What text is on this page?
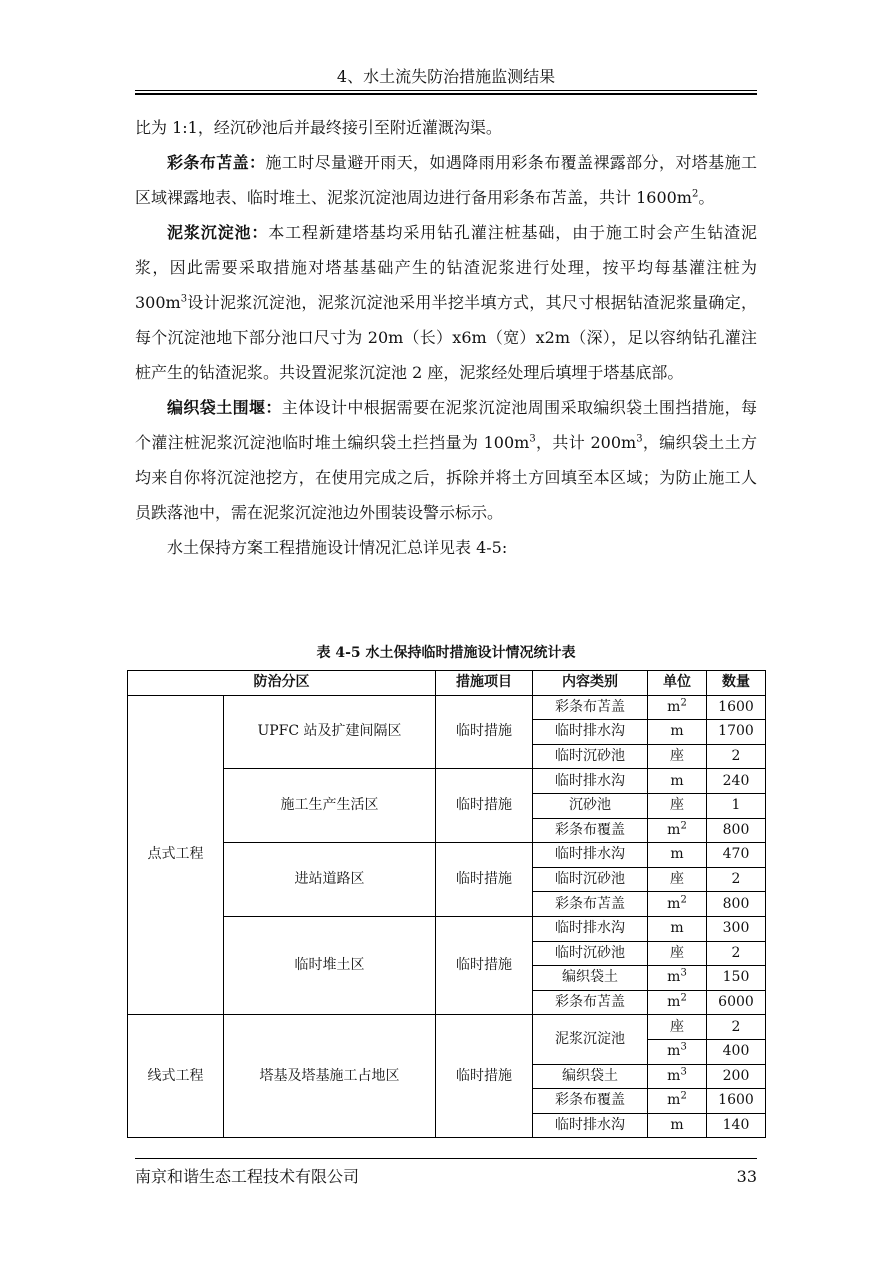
4、水土流失防治措施监测结果

比为 1:1，经沉砂池后并最终接引至附近灌溉沟渠。

彩条布苫盖：施工时尽量避开雨天，如遇降雨用彩条布覆盖裸露部分，对塔基施工区域裸露地表、临时堆土、泥浆沉淀池周边进行备用彩条布苫盖，共计 $1600m^2$。

泥浆沉淀池：本工程新建塔基均采用钻孔灌注桩基础，由于施工时会产生钻渣泥浆，因此需要采取措施对塔基基础产生的钻渣泥浆进行处理，按平均每基灌注桩为 $300m^3$设计泥浆沉淀池，泥浆沉淀池采用半挖半填方式，其尺寸根据钻渣泥浆量确定，每个沉淀池地下部分池口尺寸为 20m（长）x6m（宽）x2m（深），足以容纳钻孔灌注桩产生的钻渣泥浆。共设置泥浆沉淀池 2 座，泥浆经处理后填埋于塔基底部。

编织袋土围堰：主体设计中根据需要在泥浆沉淀池周围采取编织袋土围挡措施，每个灌注桩泥浆沉淀池临时堆土编织袋土拦挡量为 $100m^3$，共计 $200m^3$，编织袋土土方均来自你将沉淀池挖方，在使用完成之后，拆除并将土方回填至本区域；为防止施工人员跌落池中，需在泥浆沉淀池边外围装设警示标示。

水土保持方案工程措施设计情况汇总详见表 4-5:

表 4-5 水土保持临时措施设计情况统计表
防治分区		措施项目	内容类别	单位	数量
点式工程	UPFC 站及扩建间隔区	临时措施	彩条布苫盖	$m^2$	1600
			临时排水沟	m	1700
			临时沉砂池	座	2
	施工生产生活区	临时措施	临时排水沟	m	240
			沉砂池	座	1
			彩条布覆盖	$m^2$	800
	进站道路区	临时措施	临时排水沟	m	470
			临时沉砂池	座	2
			彩条布苫盖	$m^2$	800
	临时堆土区	临时措施	临时排水沟	m	300
			临时沉砂池	座	2
			编织袋土	$m^3$	150
			彩条布苫盖	$m^2$	6000
线式工程	塔基及塔基施工占地区	临时措施	泥浆沉淀池	座	2
				$m^3$	400
			编织袋土	$m^3$	200
			彩条布覆盖	$m^2$	1600
			临时排水沟	m	140
南京和谐生态工程技术有限公司	33
